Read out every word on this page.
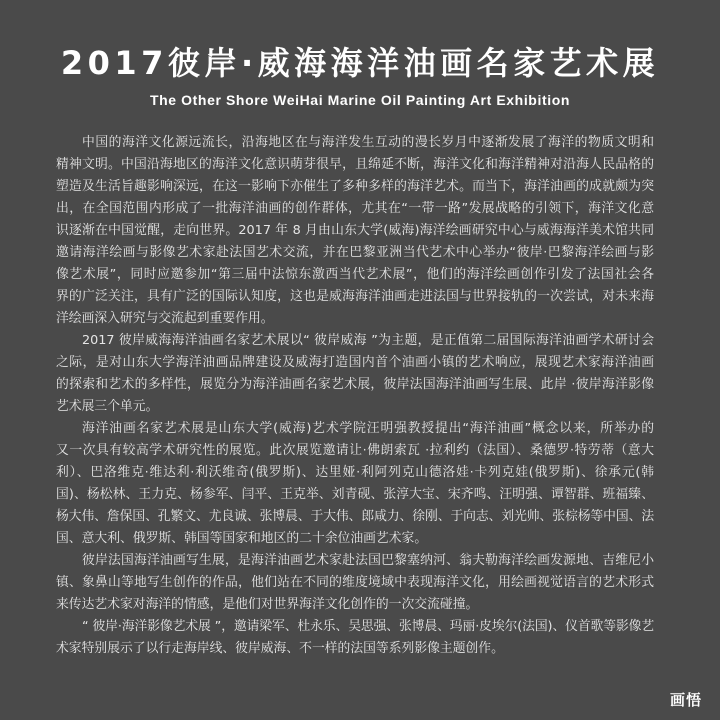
2017彼岸·威海海洋油画名家艺术展
The Other Shore WeiHai Marine Oil Painting Art Exhibition
中国的海洋文化源远流长，沿海地区在与海洋发生互动的漫长岁月中逐渐发展了海洋的物质文明和
精神文明。中国沿海地区的海洋文化意识萌芽很早，且绵延不断，海洋文化和海洋精神对沿海人民品格的
塑造及生活旨趣影响深远，在这一影响下亦催生了多种多样的海洋艺术。而当下，海洋油画的成就颇为突
出，在全国范围内形成了一批海洋油画的创作群体，尤其在“一带一路”发展战略的引领下，海洋文化意
识逐渐在中国觉醒，走向世界。2017 年 8 月由山东大学(威海)海洋绘画研究中心与威海海洋美术馆共同
邀请海洋绘画与影像艺术家赴法国艺术交流，并在巴黎亚洲当代艺术中心举办“彼岸·巴黎海洋绘画与影
像艺术展”，同时应邀参加“第三届中法惊东激西当代艺术展”，他们的海洋绘画创作引发了法国社会各
界的广泛关注，具有广泛的国际认知度，这也是威海海洋油画走进法国与世界接轨的一次尝试，对未来海
洋绘画深入研究与交流起到重要作用。
2017 彼岸威海海洋油画名家艺术展以“ 彼岸威海 ”为主题，是正值第二届国际海洋油画学术研讨会
之际，是对山东大学海洋油画品牌建设及威海打造国内首个油画小镇的艺术响应，展现艺术家海洋油画
的探索和艺术的多样性，展览分为海洋油画名家艺术展，彼岸法国海洋油画写生展、此岸 ·彼岸海洋影像
艺术展三个单元。
海洋油画名家艺术展是山东大学(威海)艺术学院汪明强教授提出“海洋油画”概念以来，所举办的
又一次具有较高学术研究性的展览。此次展览邀请让·佛朗索瓦 ·拉利约（法国）、桑德罗·特劳蒂（意大
利）、巴洛维克·维达利·利沃维奇(俄罗斯)、达里娅·利阿列克山德洛娃·卡列克娃(俄罗斯)、徐承元(韩
国)、杨松林、王力克、杨参军、闫平、王克举、刘青砚、张淳大宝、宋齐鸣、汪明强、谭智群、班福臻、
杨大伟、詹保国、孔繁文、尤良诚、张博晨、于大伟、郎咸力、徐刚、于向志、刘光帅、张棕杨等中国、法
国、意大利、俄罗斯、韩国等国家和地区的二十余位油画艺术家。
彼岸法国海洋油画写生展，是海洋油画艺术家赴法国巴黎塞纳河、翁夫勒海洋绘画发源地、吉维尼小
镇、象鼻山等地写生创作的作品，他们站在不同的维度境域中表现海洋文化，用绘画视觉语言的艺术形式
来传达艺术家对海洋的情感，是他们对世界海洋文化创作的一次交流碰撞。
“ 彼岸·海洋影像艺术展 ”，邀请梁军、杜永乐、吴思强、张博晨、玛丽·皮埃尔(法国)、仪首歌等影像艺
术家特别展示了以行走海岸线、彼岸威海、不一样的法国等系列影像主题创作。
画悟
